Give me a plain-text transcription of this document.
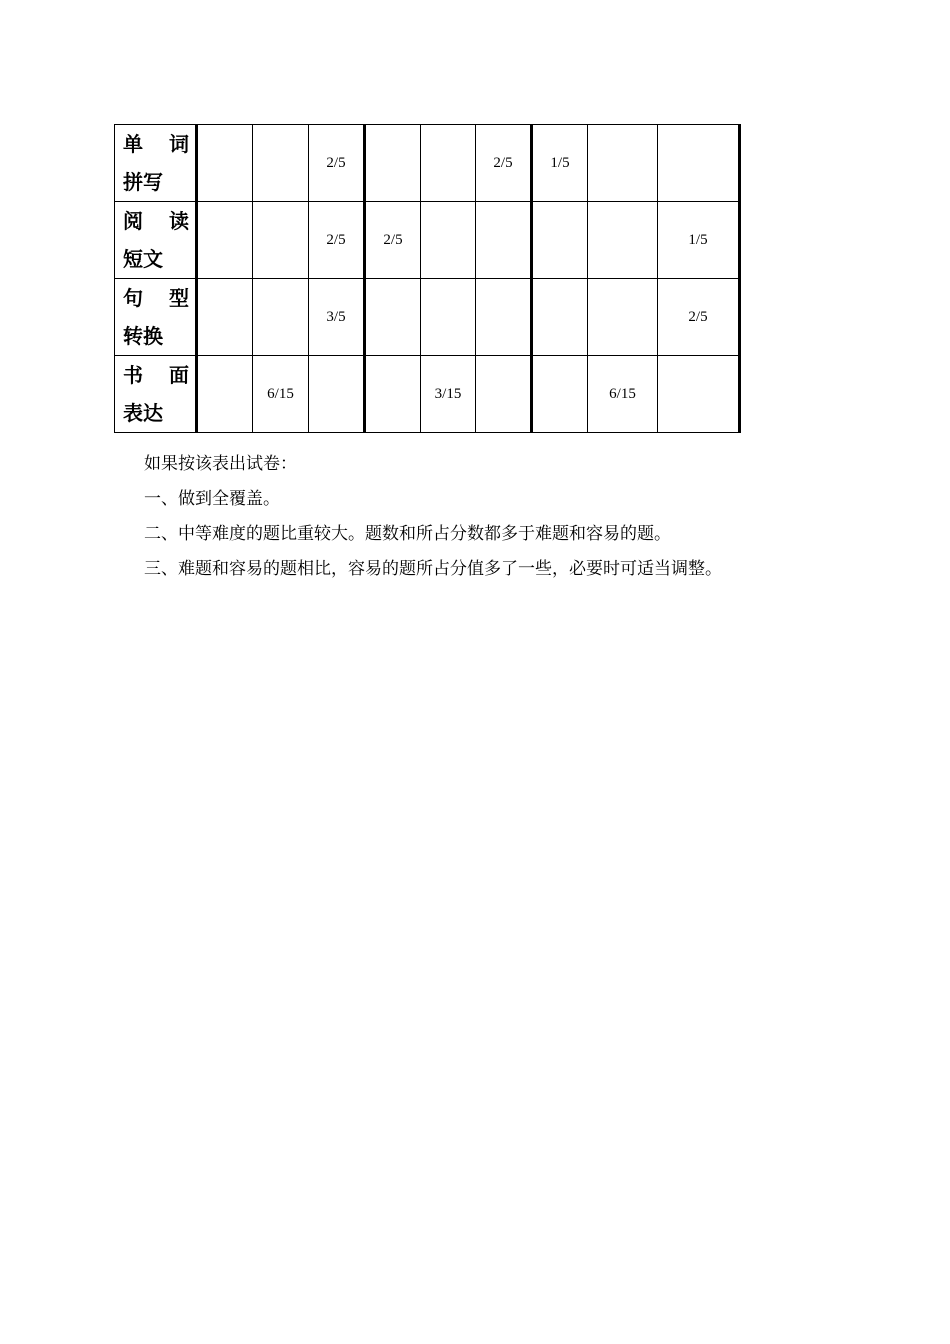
单 词
拼写			2/5			2/5	1/5		

阅 读
短文			2/5	2/5					1/5

句 型
转换			3/5						2/5

书 面
表达		6/15			3/15			6/15	

如果按该表出试卷：

一、做到全覆盖。

二、中等难度的题比重较大。题数和所占分数都多于难题和容易的题。

三、难题和容易的题相比，容易的题所占分值多了一些，必要时可适当调整。
